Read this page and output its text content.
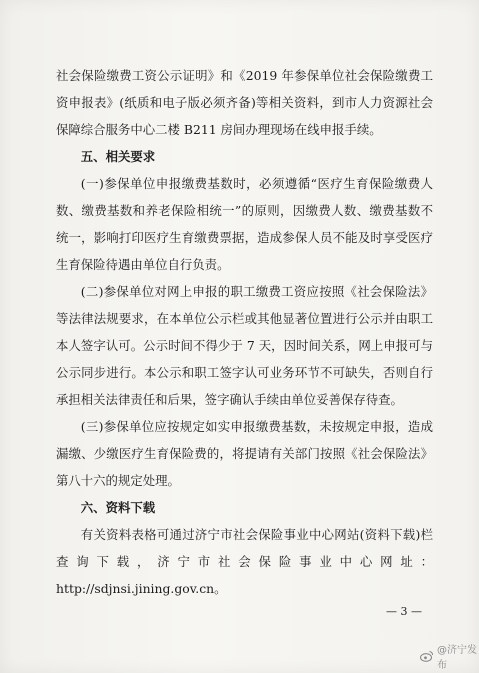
社会保险缴费工资公示证明》和《2019 年参保单位社会保险缴费工资申报表》(纸质和电子版必须齐备)等相关资料，到市人力资源社会保障综合服务中心二楼 B211 房间办理现场在线申报手续。

五、相关要求

(一)参保单位申报缴费基数时，必须遵循“医疗生育保险缴费人数、缴费基数和养老保险相统一”的原则，因缴费人数、缴费基数不统一，影响打印医疗生育缴费票据，造成参保人员不能及时享受医疗生育保险待遇由单位自行负责。

(二)参保单位对网上申报的职工缴费工资应按照《社会保险法》等法律法规要求，在本单位公示栏或其他显著位置进行公示并由职工本人签字认可。公示时间不得少于 7 天，因时间关系，网上申报可与公示同步进行。本公示和职工签字认可业务环节不可缺失，否则自行承担相关法律责任和后果，签字确认手续由单位妥善保存待查。

(三)参保单位应按规定如实申报缴费基数，未按规定申报，造成漏缴、少缴医疗生育保险费的，将提请有关部门按照《社会保险法》第八十六的规定处理。

六、资料下载

有关资料表格可通过济宁市社会保险事业中心网站(资料下载)栏查询下载，济宁市社会保险事业中心网址：http://sdjnsi.jining.gov.cn。

— 3 —
@济宁发布
